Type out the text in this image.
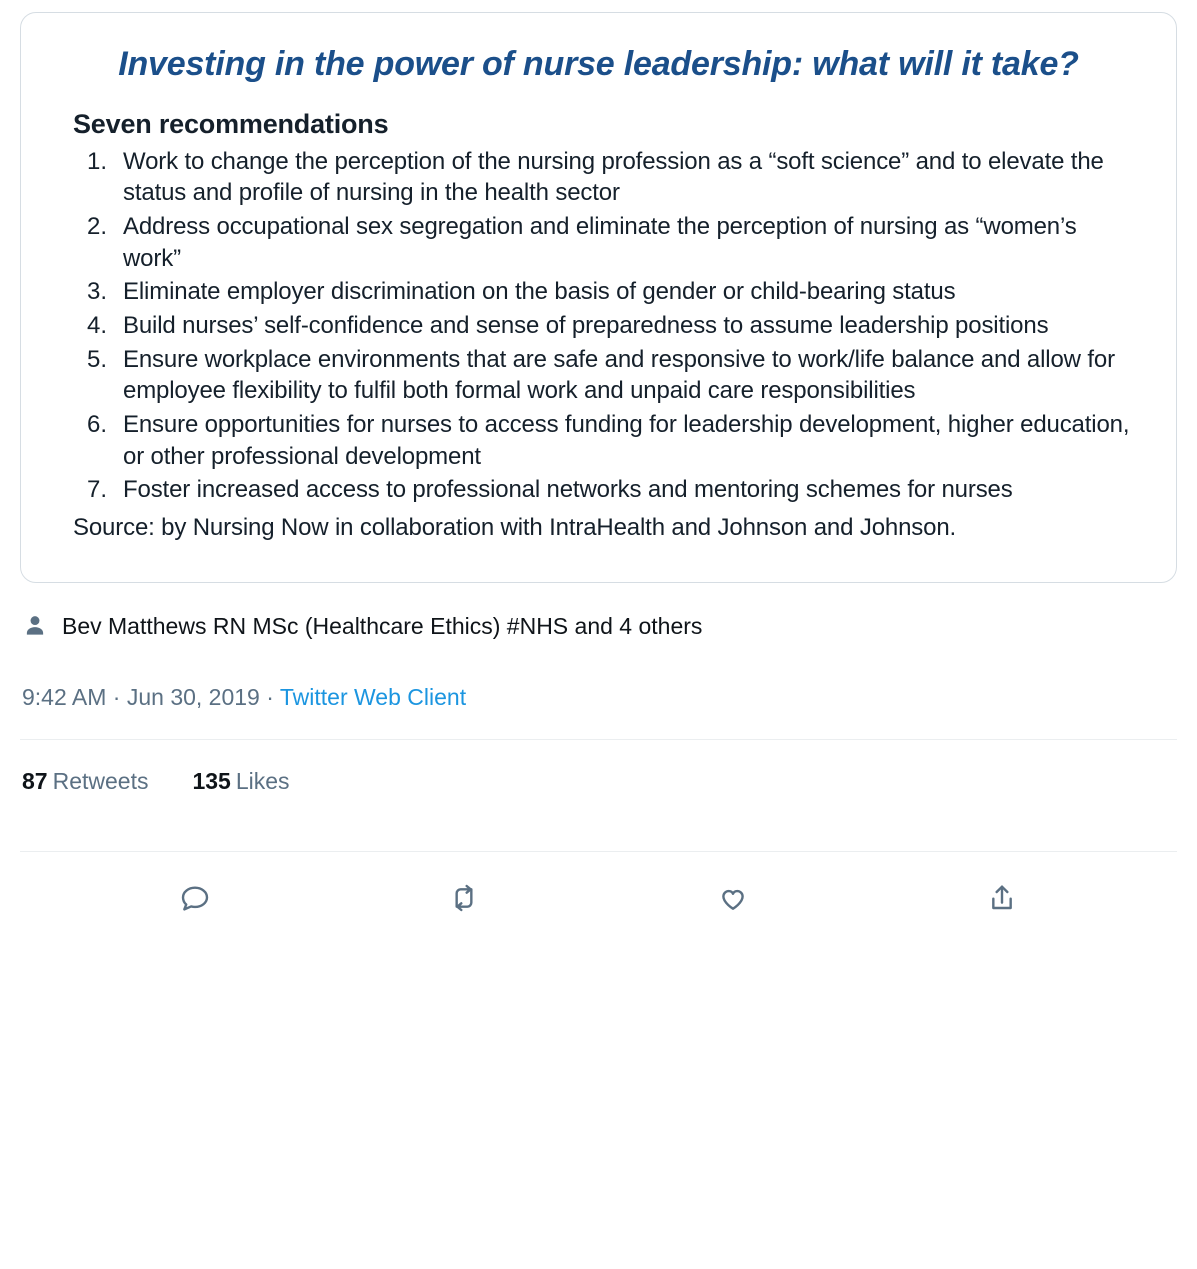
Investing in the power of nurse leadership: what will it take?
Seven recommendations
1. Work to change the perception of the nursing profession as a “soft science” and to elevate the status and profile of nursing in the health sector
2. Address occupational sex segregation and eliminate the perception of nursing as “women’s work”
3. Eliminate employer discrimination on the basis of gender or child-bearing status
4. Build nurses’ self-confidence and sense of preparedness to assume leadership positions
5. Ensure workplace environments that are safe and responsive to work/life balance and allow for employee flexibility to fulfil both formal work and unpaid care responsibilities
6. Ensure opportunities for nurses to access funding for leadership development, higher education, or other professional development
7. Foster increased access to professional networks and mentoring schemes for nurses
Source: by Nursing Now in collaboration with IntraHealth and Johnson and Johnson.
Bev Matthews RN MSc (Healthcare Ethics) #NHS and 4 others
9:42 AM · Jun 30, 2019 · Twitter Web Client
87 Retweets 135 Likes
